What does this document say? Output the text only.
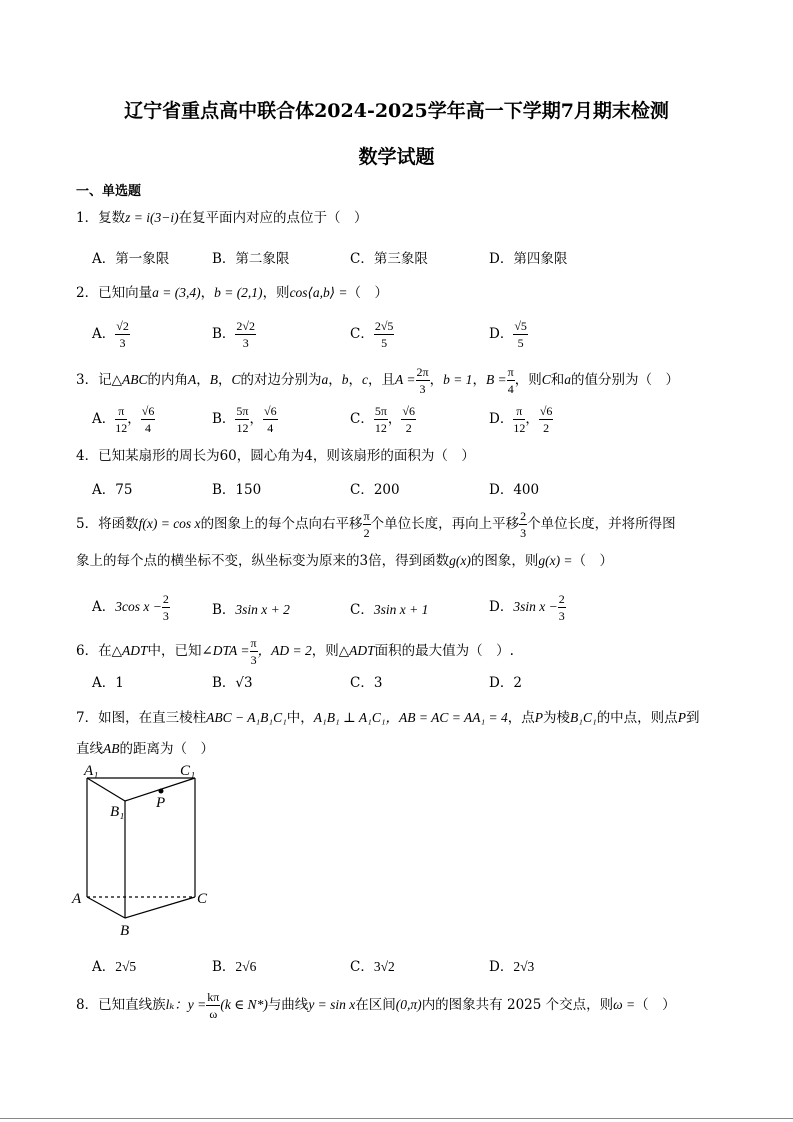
辽宁省重点高中联合体2024-2025学年高一下学期7月期末检测
数学试题
一、单选题
1．复数z = i(3−i)在复平面内对应的点位于（　）
A．第一象限	B．第二象限	C．第三象限	D．第四象限
2．已知向量a = (3,4)，b = (2,1)，则cos⟨a,b⟩ =（　）
A． $\frac{√2}{3}$	B． $\frac{2√2}{3}$	C． $\frac{2√5}{5}$	D． $\frac{√5}{5}$
3．记△ABC的内角A，B，C的对边分别为a，b，c，且$A = \frac{2\pi}{3}$ ，b = 1，$B = \frac{\pi}{4}$ ，则C和a的值分别为（　）
A． $\frac{\pi}{12}$ ， $\frac{√6}{4}$	B． $\frac{5\pi}{12}$ ， $\frac{√6}{4}$	C． $\frac{5\pi}{12}$ ， $\frac{√6}{2}$	D． $\frac{\pi}{12}$ ， $\frac{√6}{2}$
4．已知某扇形的周长为60，圆心角为4，则该扇形的面积为（　）
A．75	B．150	C．200	D．400
5．将函数f(x) = cos x的图象上的每个点向右平移 $\frac{\pi}{2}$ 个单位长度，再向上平移 $\frac{2}{3}$ 个单位长度，并将所得图
象上的每个点的横坐标不变，纵坐标变为原来的3倍，得到函数g(x)的图象，则g(x) =（　）
A．3cos $x - \frac{2}{3}$	B．3sin x + 2	C．3sin x + 1	D．3sin $x - \frac{2}{3}$
6．在△ADT中，已知∠DTA = $\frac{\pi}{3}$ ，AD = 2，则△ADT面积的最大值为（　）.
A．1	B．√3	C．3	D．2
7．如图，在直三棱柱ABC − A₁B₁C₁中，A₁B₁ ⊥ A₁C₁，AB = AC = AA₁ = 4，点P为棱B₁C₁的中点，则点P到
直线AB的距离为（　）
A₁	C₁
B₁
P
A	C
B
A．2√5	B．2√6	C．3√2	D．2√3
8．已知直线族lₖ：$y = \frac{k\pi}{\omega} (k$ ∈ N*)与曲线y = sin x在区间(0,π)内的图象共有 2025 个交点，则ω =（　）
